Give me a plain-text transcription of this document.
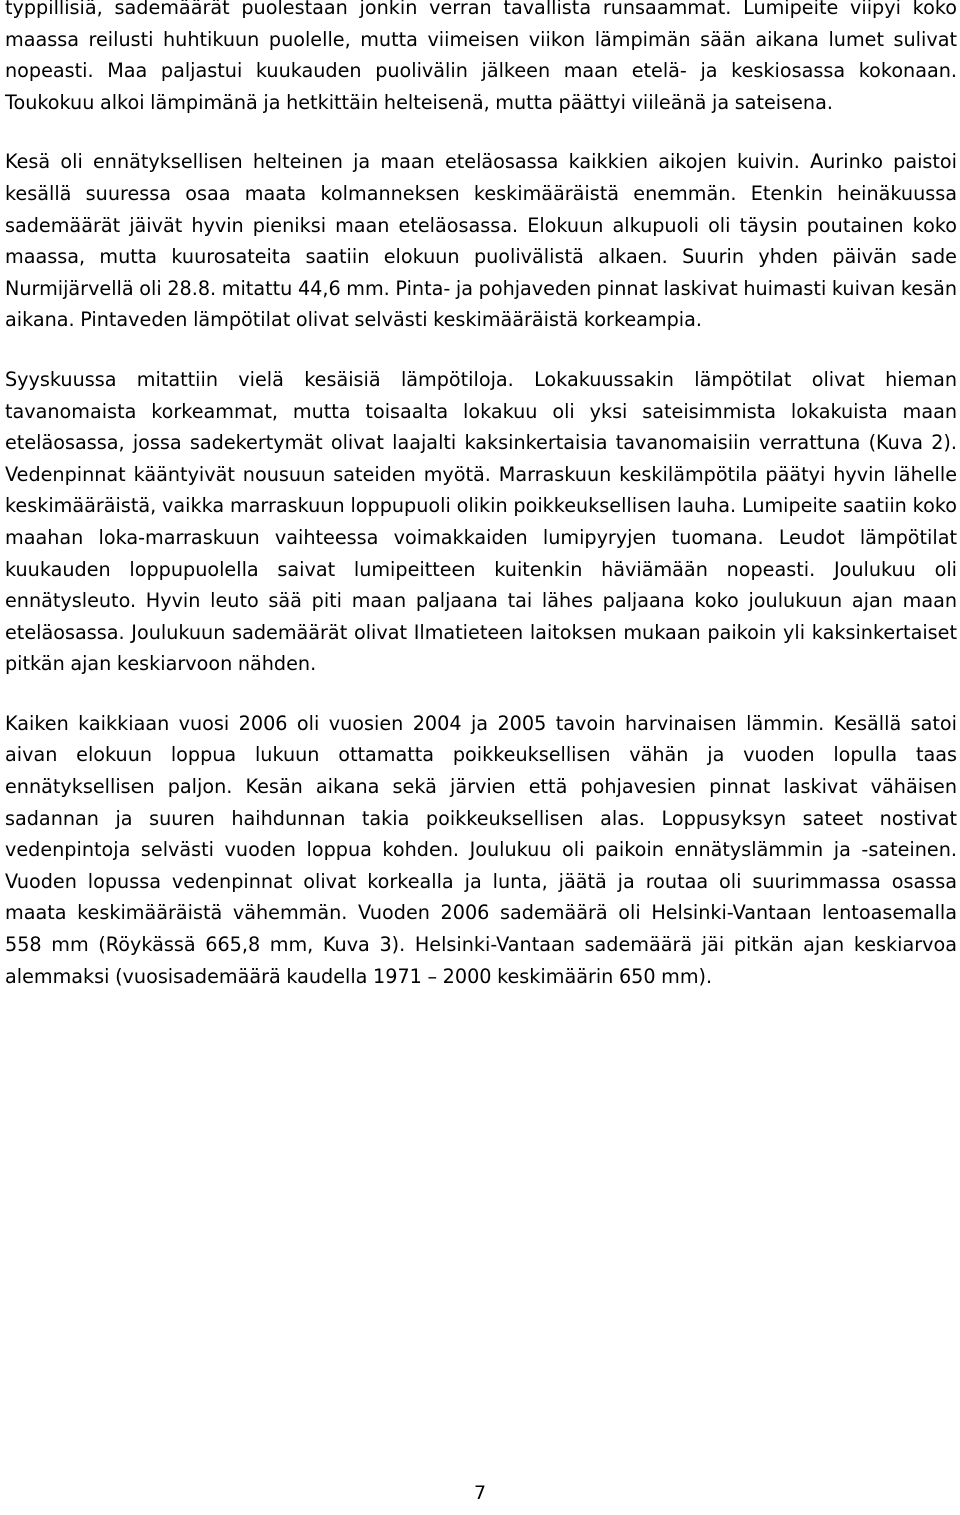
typpillisiä, sademäärät puolestaan jonkin verran tavallista runsaammat. Lumipeite viipyi koko maassa reilusti huhtikuun puolelle, mutta viimeisen viikon lämpimän sään aikana lumet sulivat nopeasti. Maa paljastui kuukauden puolivälin jälkeen maan etelä- ja keskiosassa kokonaan. Toukokuu alkoi lämpimänä ja hetkittäin helteisenä, mutta päättyi viileänä ja sateisena.

Kesä oli ennätyksellisen helteinen ja maan eteläosassa kaikkien aikojen kuivin. Aurinko paistoi kesällä suuressa osaa maata kolmanneksen keskimääräistä enemmän. Etenkin heinäkuussa sademäärät jäivät hyvin pieniksi maan eteläosassa. Elokuun alkupuoli oli täysin poutainen koko maassa, mutta kuurosateita saatiin elokuun puolivälistä alkaen. Suurin yhden päivän sade Nurmijärvellä oli 28.8. mitattu 44,6 mm. Pinta- ja pohjaveden pinnat laskivat huimasti kuivan kesän aikana. Pintaveden lämpötilat olivat selvästi keskimääräistä korkeampia.

Syyskuussa mitattiin vielä kesäisiä lämpötiloja. Lokakuussakin lämpötilat olivat hieman tavanomaista korkeammat, mutta toisaalta lokakuu oli yksi sateisimmista lokakuista maan eteläosassa, jossa sadekertymät olivat laajalti kaksinkertaisia tavanomaisiin verrattuna (Kuva 2). Vedenpinnat kääntyivät nousuun sateiden myötä. Marraskuun keskilämpötila päätyi hyvin lähelle keskimääräistä, vaikka marraskuun loppupuoli olikin poikkeuksellisen lauha. Lumipeite saatiin koko maahan loka-marraskuun vaihteessa voimakkaiden lumipyryjen tuomana. Leudot lämpötilat kuukauden loppupuolella saivat lumipeitteen kuitenkin häviämään nopeasti. Joulukuu oli ennätysleuto. Hyvin leuto sää piti maan paljaana tai lähes paljaana koko joulukuun ajan maan eteläosassa. Joulukuun sademäärät olivat Ilmatieteen laitoksen mukaan paikoin yli kaksinkertaiset pitkän ajan keskiarvoon nähden.

Kaiken kaikkiaan vuosi 2006 oli vuosien 2004 ja 2005 tavoin harvinaisen lämmin. Kesällä satoi aivan elokuun loppua lukuun ottamatta poikkeuksellisen vähän ja vuoden lopulla taas ennätyksellisen paljon. Kesän aikana sekä järvien että pohjavesien pinnat laskivat vähäisen sadannan ja suuren haihdunnan takia poikkeuksellisen alas. Loppusyksyn sateet nostivat vedenpintoja selvästi vuoden loppua kohden. Joulukuu oli paikoin ennätyslämmin ja -sateinen. Vuoden lopussa vedenpinnat olivat korkealla ja lunta, jäätä ja routaa oli suurimmassa osassa maata keskimääräistä vähemmän. Vuoden 2006 sademäärä oli Helsinki-Vantaan lentoasemalla 558 mm (Röykässä 665,8 mm, Kuva 3). Helsinki-Vantaan sademäärä jäi pitkän ajan keskiarvoa alemmaksi (vuosisademäärä kaudella 1971 – 2000 keskimäärin 650 mm).

7
